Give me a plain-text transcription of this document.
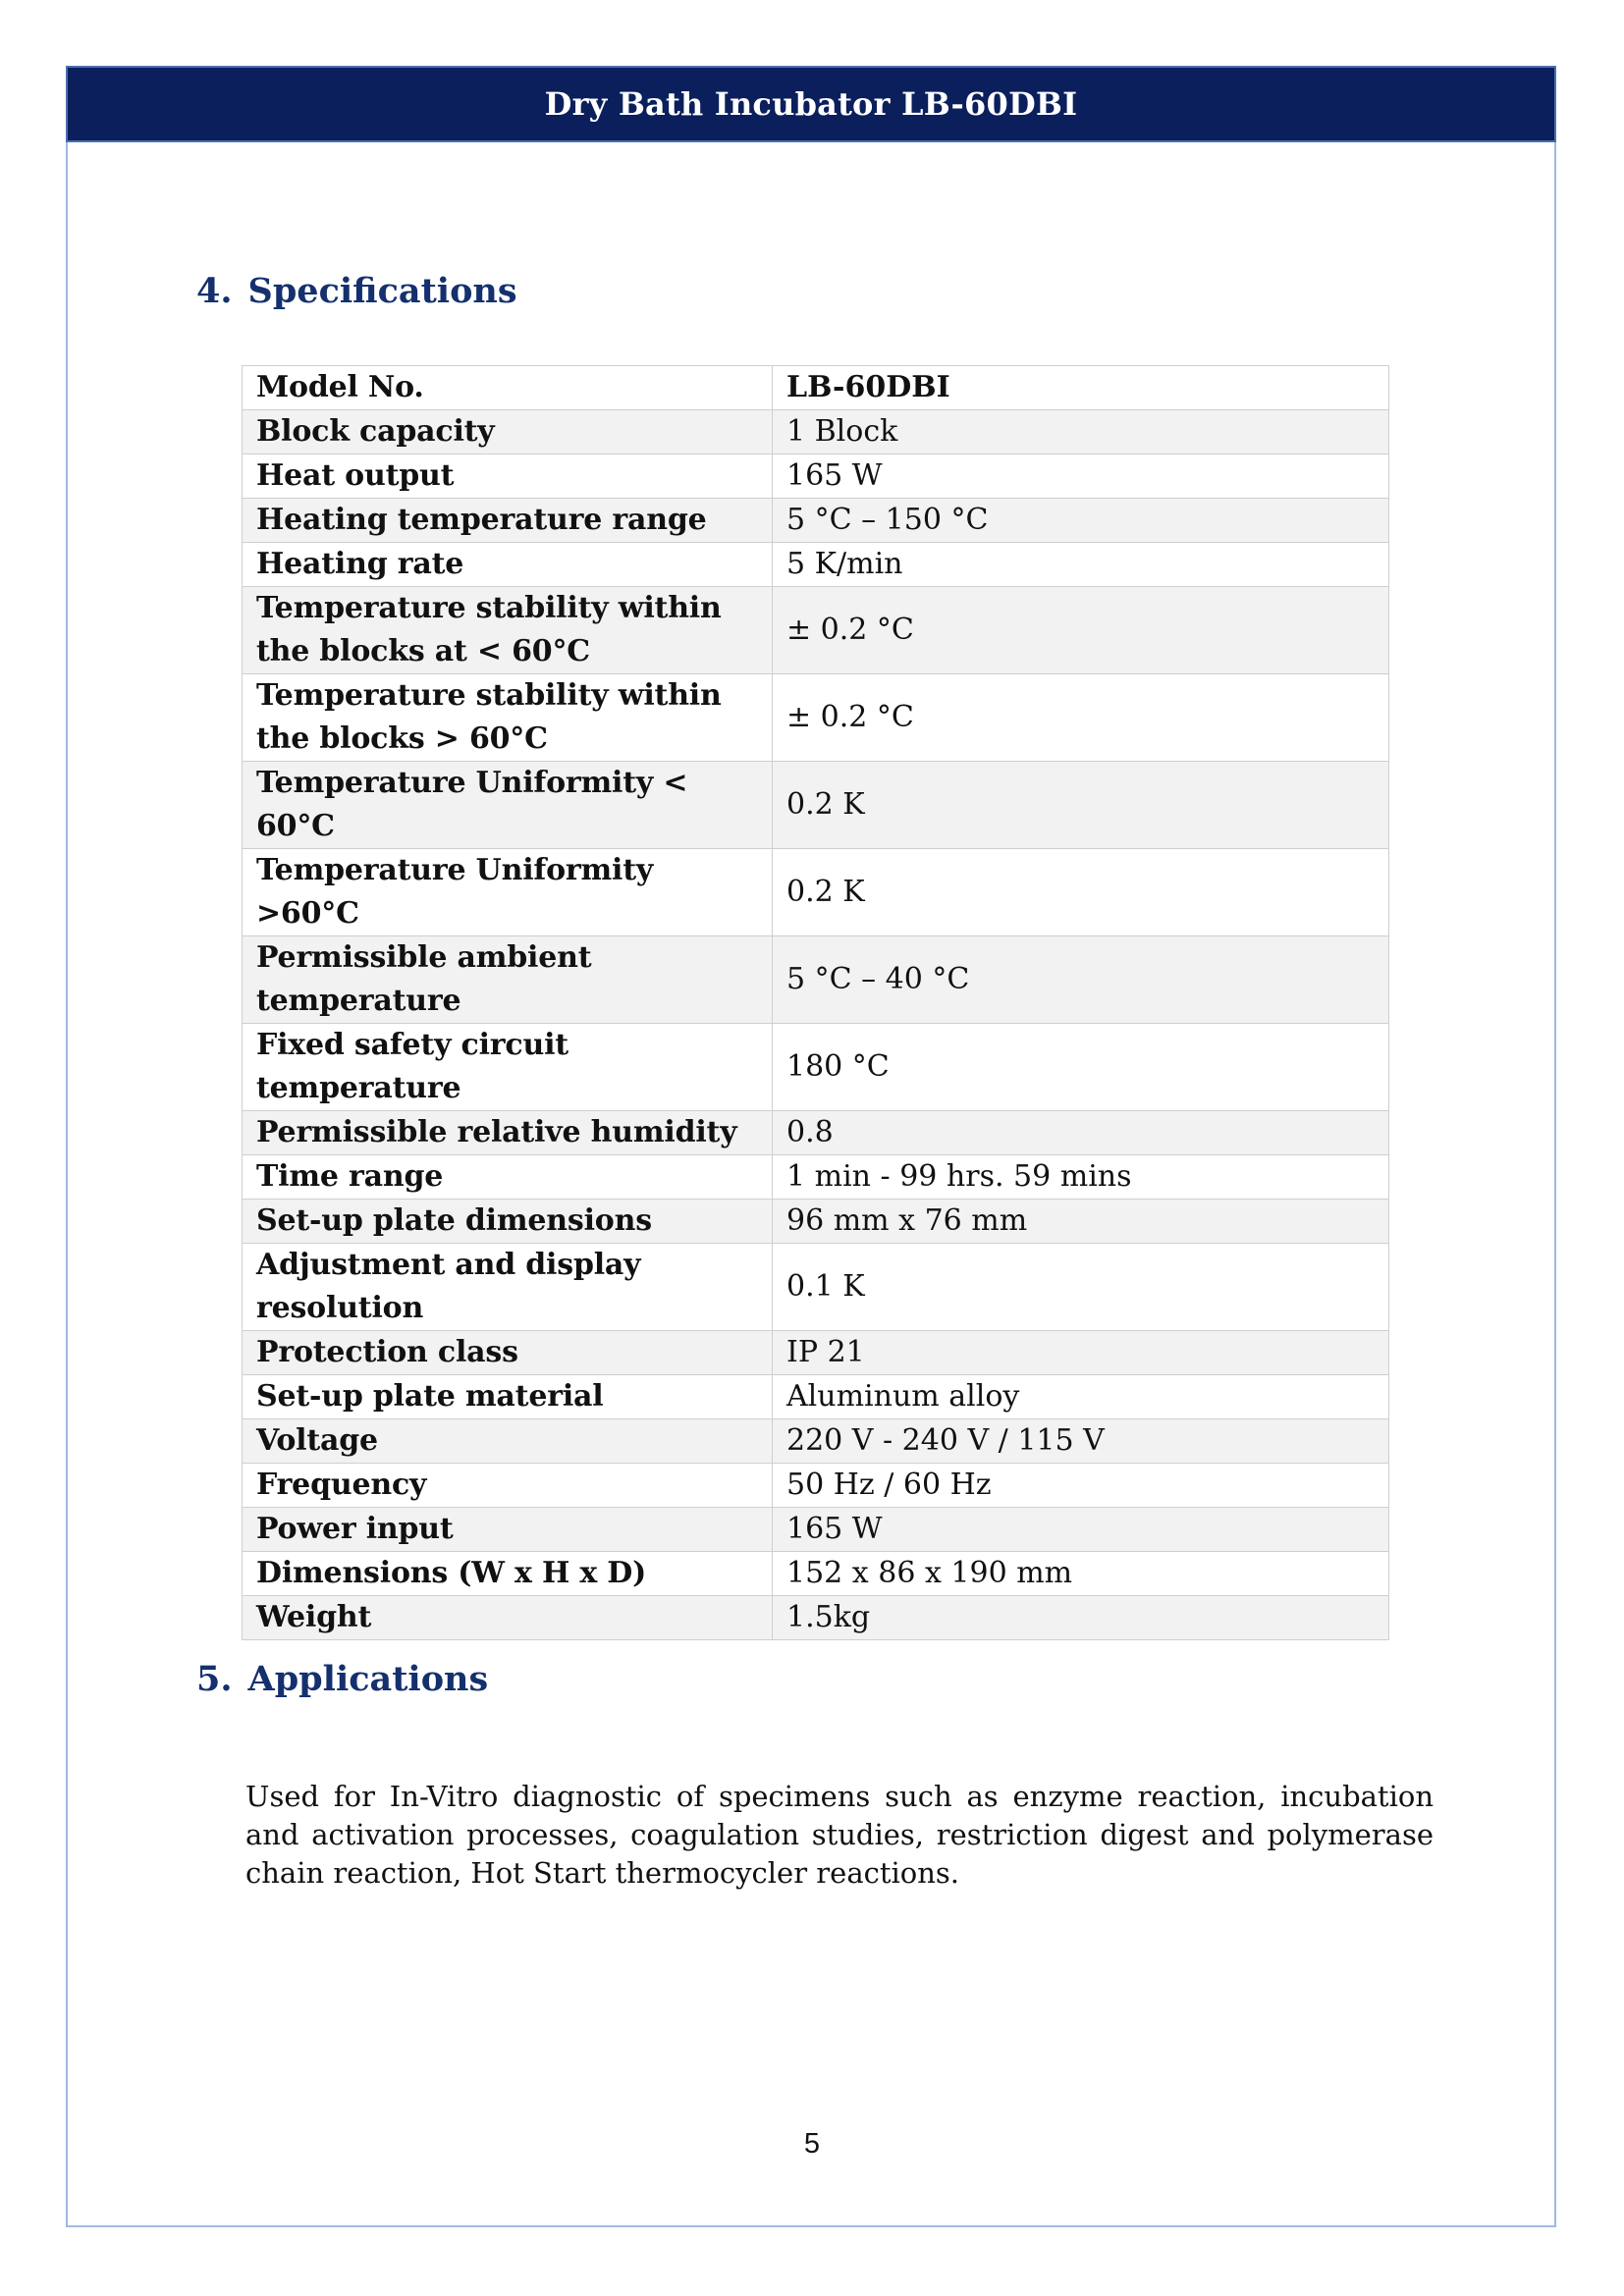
Dry Bath Incubator LB-60DBI
4. Specifications
Model No.	LB-60DBI
Block capacity	1 Block
Heat output	165 W
Heating temperature range	5 °C – 150 °C
Heating rate	5 K/min
Temperature stability within the blocks at < 60°C	± 0.2 °C
Temperature stability within the blocks > 60°C	± 0.2 °C
Temperature Uniformity < 60°C	0.2 K
Temperature Uniformity >60°C	0.2 K
Permissible ambient temperature	5 °C – 40 °C
Fixed safety circuit temperature	180 °C
Permissible relative humidity	0.8
Time range	1 min - 99 hrs. 59 mins
Set-up plate dimensions	96 mm x 76 mm
Adjustment and display resolution	0.1 K
Protection class	IP 21
Set-up plate material	Aluminum alloy
Voltage	220 V - 240 V / 115 V
Frequency	50 Hz / 60 Hz
Power input	165 W
Dimensions (W x H x D)	152 x 86 x 190 mm
Weight	1.5kg
5. Applications

Used for In-Vitro diagnostic of specimens such as enzyme reaction, incubation and activation processes, coagulation studies, restriction digest and polymerase chain reaction, Hot Start thermocycler reactions.

5
